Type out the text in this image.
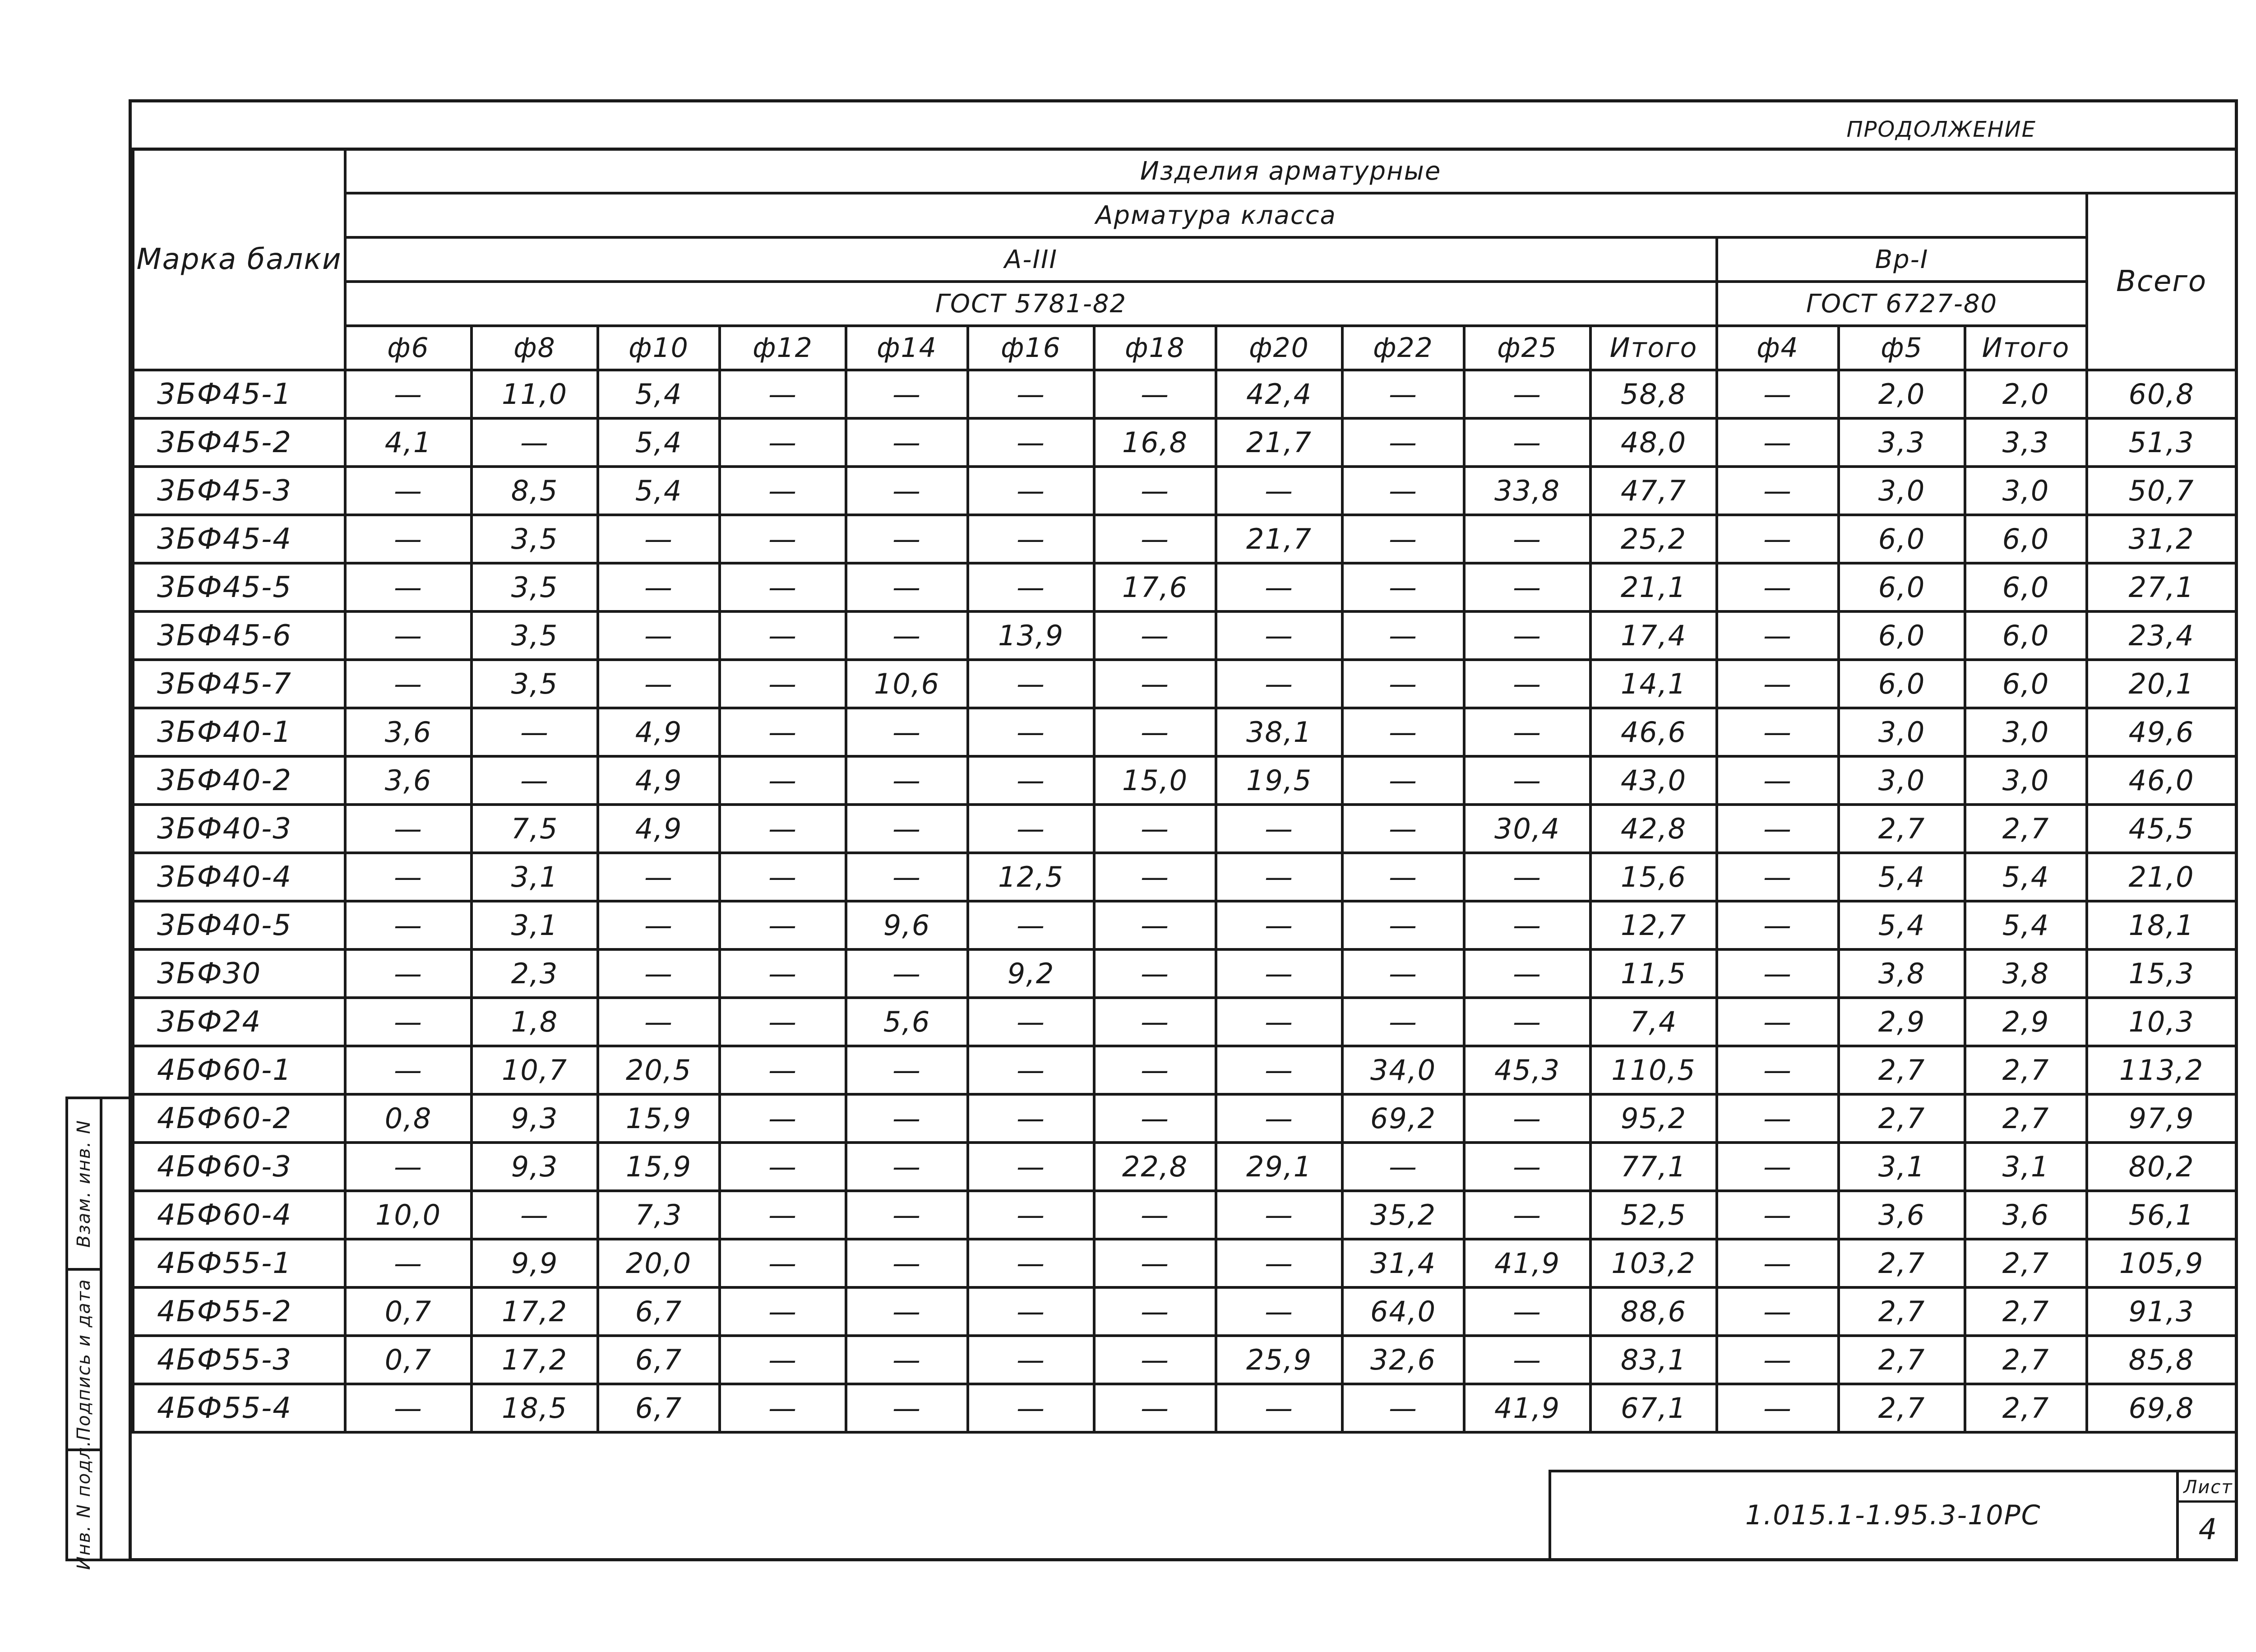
ПРОДОЛЖЕНИЕ
Марка балки	Изделия арматурные														
	Арматура класса														Всего
	А-III											Вр-I			
	ГОСТ 5781-82											ГОСТ 6727-80			
	ф6	ф8	ф10	ф12	ф14	ф16	ф18	ф20	ф22	ф25	Итого	ф4	ф5	Итого	
3БФ45-1	—	11,0	5,4	—	—	—	—	42,4	—	—	58,8	—	2,0	2,0	60,8
3БФ45-2	4,1	—	5,4	—	—	—	16,8	21,7	—	—	48,0	—	3,3	3,3	51,3
3БФ45-3	—	8,5	5,4	—	—	—	—	—	—	33,8	47,7	—	3,0	3,0	50,7
3БФ45-4	—	3,5	—	—	—	—	—	21,7	—	—	25,2	—	6,0	6,0	31,2
3БФ45-5	—	3,5	—	—	—	—	17,6	—	—	—	21,1	—	6,0	6,0	27,1
3БФ45-6	—	3,5	—	—	—	13,9	—	—	—	—	17,4	—	6,0	6,0	23,4
3БФ45-7	—	3,5	—	—	10,6	—	—	—	—	—	14,1	—	6,0	6,0	20,1
3БФ40-1	3,6	—	4,9	—	—	—	—	38,1	—	—	46,6	—	3,0	3,0	49,6
3БФ40-2	3,6	—	4,9	—	—	—	15,0	19,5	—	—	43,0	—	3,0	3,0	46,0
3БФ40-3	—	7,5	4,9	—	—	—	—	—	—	30,4	42,8	—	2,7	2,7	45,5
3БФ40-4	—	3,1	—	—	—	12,5	—	—	—	—	15,6	—	5,4	5,4	21,0
3БФ40-5	—	3,1	—	—	9,6	—	—	—	—	—	12,7	—	5,4	5,4	18,1
3БФ30	—	2,3	—	—	—	9,2	—	—	—	—	11,5	—	3,8	3,8	15,3
3БФ24	—	1,8	—	—	5,6	—	—	—	—	—	7,4	—	2,9	2,9	10,3
4БФ60-1	—	10,7	20,5	—	—	—	—	—	34,0	45,3	110,5	—	2,7	2,7	113,2
4БФ60-2	0,8	9,3	15,9	—	—	—	—	—	69,2	—	95,2	—	2,7	2,7	97,9
4БФ60-3	—	9,3	15,9	—	—	—	22,8	29,1	—	—	77,1	—	3,1	3,1	80,2
4БФ60-4	10,0	—	7,3	—	—	—	—	—	35,2	—	52,5	—	3,6	3,6	56,1
4БФ55-1	—	9,9	20,0	—	—	—	—	—	31,4	41,9	103,2	—	2,7	2,7	105,9
4БФ55-2	0,7	17,2	6,7	—	—	—	—	—	64,0	—	88,6	—	2,7	2,7	91,3
4БФ55-3	0,7	17,2	6,7	—	—	—	—	25,9	32,6	—	83,1	—	2,7	2,7	85,8
4БФ55-4	—	18,5	6,7	—	—	—	—	—	—	41,9	67,1	—	2,7	2,7	69,8
1.015.1-1.95.3-10РС
Лист
4
Взам. инв. N
Подпись и дата
Инв. N подл.
